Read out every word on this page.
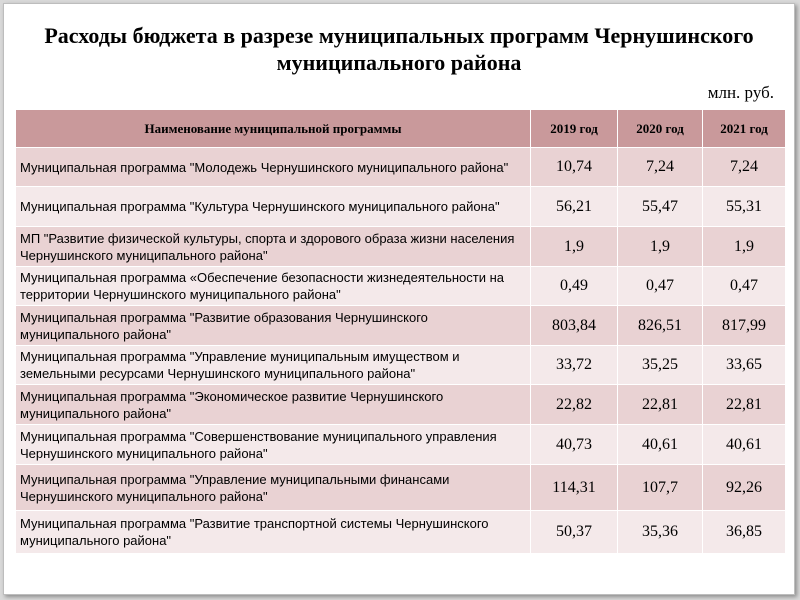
Расходы бюджета в разрезе муниципальных программ Чернушинского муниципального района
млн. руб.
Наименование муниципальной программы	2019 год	2020 год	2021 год
Муниципальная программа "Молодежь Чернушинского муниципального района"	10,74	7,24	7,24
Муниципальная программа "Культура Чернушинского муниципального района"	56,21	55,47	55,31
МП "Развитие физической культуры, спорта и здорового образа жизни населения Чернушинского муниципального района"	1,9	1,9	1,9
Муниципальная программа «Обеспечение безопасности жизнедеятельности на территории Чернушинского муниципального района"	0,49	0,47	0,47
Муниципальная программа "Развитие образования Чернушинского муниципального района"	803,84	826,51	817,99
Муниципальная программа "Управление муниципальным имуществом и земельными ресурсами Чернушинского муниципального района"	33,72	35,25	33,65
Муниципальная программа "Экономическое развитие Чернушинского муниципального района"	22,82	22,81	22,81
Муниципальная программа "Совершенствование муниципального управления Чернушинского муниципального района"	40,73	40,61	40,61
Муниципальная программа "Управление муниципальными финансами Чернушинского муниципального района"	114,31	107,7	92,26
Муниципальная программа "Развитие транспортной системы Чернушинского муниципального района"	50,37	35,36	36,85
